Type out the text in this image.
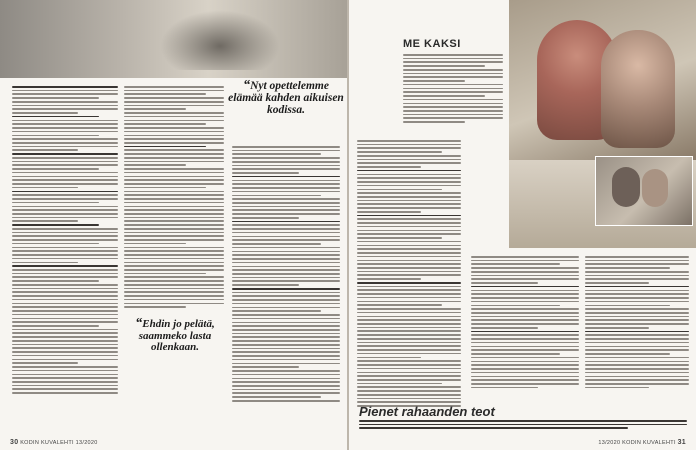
“Nyt opettelemme elämää kahden aikuisen kodissa.
“Ehdin jo pelätä, saammeko lasta ollenkaan.
30 KODIN KUVALEHTI 13/2020
ME KAKSI
Pienet rahaanden teot
13/2020 KODIN KUVALEHTI 31
